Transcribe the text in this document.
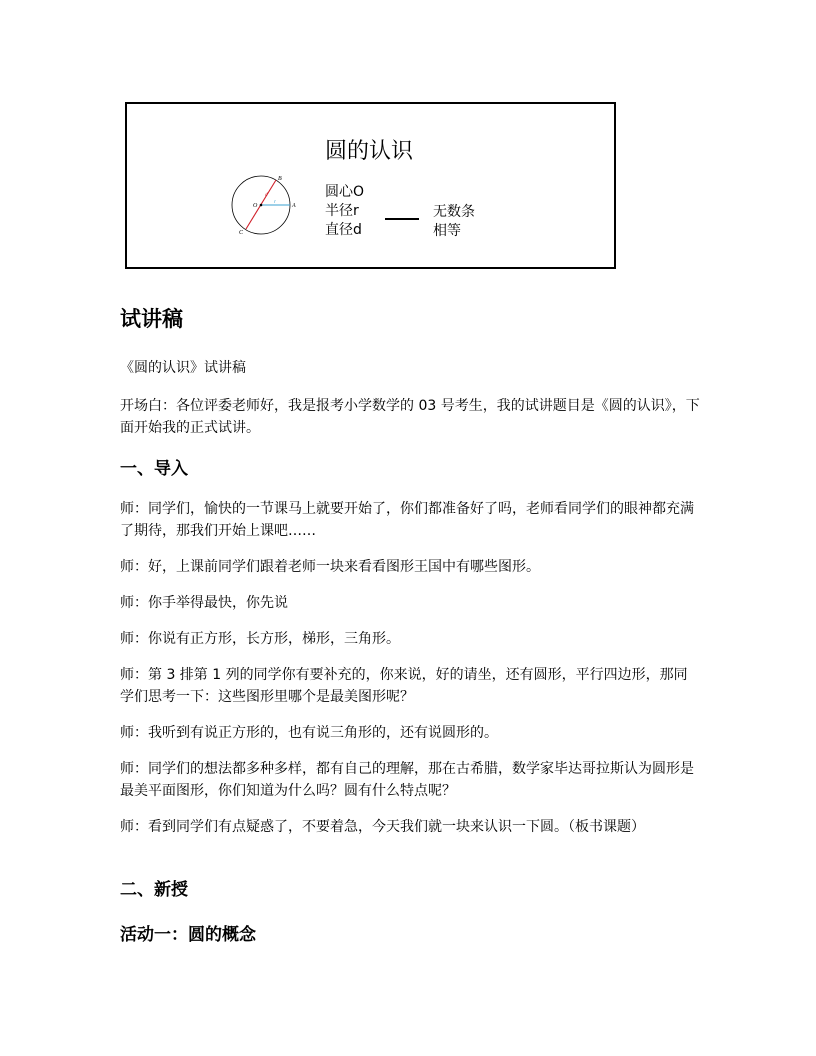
圆的认识
B
O	A
C
d
r
圆心O
半径r
直径d
无数条
相等
试讲稿
《圆的认识》试讲稿
开场白：各位评委老师好，我是报考小学数学的 03 号考生，我的试讲题目是《圆的认识》，下面开始我的正式试讲。
一、导入
师：同学们，愉快的一节课马上就要开始了，你们都准备好了吗，老师看同学们的眼神都充满了期待，那我们开始上课吧……
师：好，上课前同学们跟着老师一块来看看图形王国中有哪些图形。
师：你手举得最快，你先说
师：你说有正方形，长方形，梯形，三角形。
师：第 3 排第 1 列的同学你有要补充的，你来说，好的请坐，还有圆形，平行四边形，那同学们思考一下：这些图形里哪个是最美图形呢？
师：我听到有说正方形的，也有说三角形的，还有说圆形的。
师：同学们的想法都多种多样，都有自己的理解，那在古希腊，数学家毕达哥拉斯认为圆形是最美平面图形，你们知道为什么吗？圆有什么特点呢？
师：看到同学们有点疑惑了，不要着急，今天我们就一块来认识一下圆。（板书课题）
二、新授
活动一：圆的概念
